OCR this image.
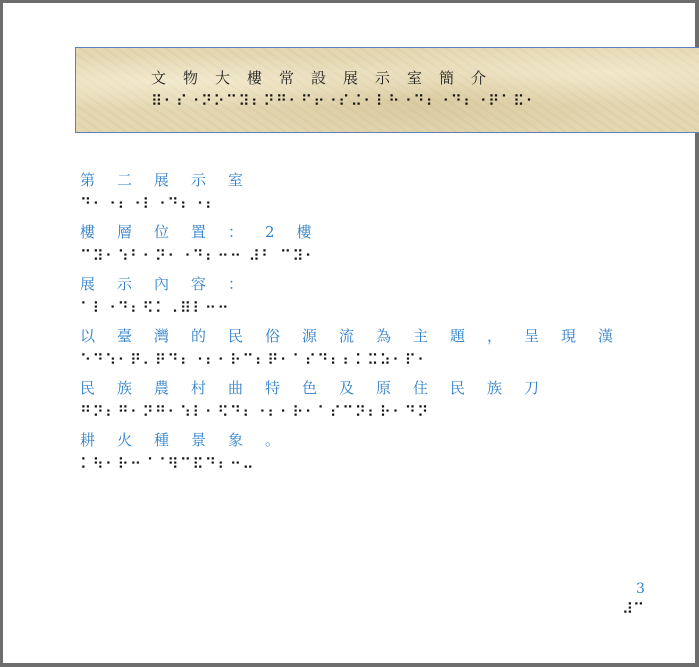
文物大樓常設展示室簡介
⠿⠂⠎⠐⠝⠕⠉⠽⠆⠝⠛⠂⠋⠖⠐⠎⠬⠂⠇⠓⠐⠙⠆⠐⠙⠆⠐⠟⠁⠯⠂
第二展示室
⠙⠂⠐⠆⠐⠇⠐⠙⠆⠐⠆
樓層位置：2樓
⠉⠽⠂⠱⠃⠂⠝⠂⠐⠙⠆⠒⠒ ⠼⠃ ⠉⠽⠂
展示內容：
⠁⠇⠐⠙⠆⠫⠅⠠⠿⠇⠒⠒
以臺灣的民俗源流為主題，呈現漢
⠑⠙⠱⠂⠟⠄⠟⠙⠆⠐⠆⠂⠗⠉⠆⠟⠂⠁⠎⠙⠆⠆⠅⠭⠵⠂⠏⠂
民族農村曲特色及原住民族刀
⠛⠝⠆⠛⠂⠝⠛⠂⠱⠇⠂⠫⠙⠆⠐⠆⠂⠗⠂⠁⠎⠉⠝⠆⠗⠂⠙⠝
耕火種景象。
⠅⠳⠂⠗⠒⠈⠈⠻⠉⠯⠙⠆⠒⠤
3
⠼⠉
